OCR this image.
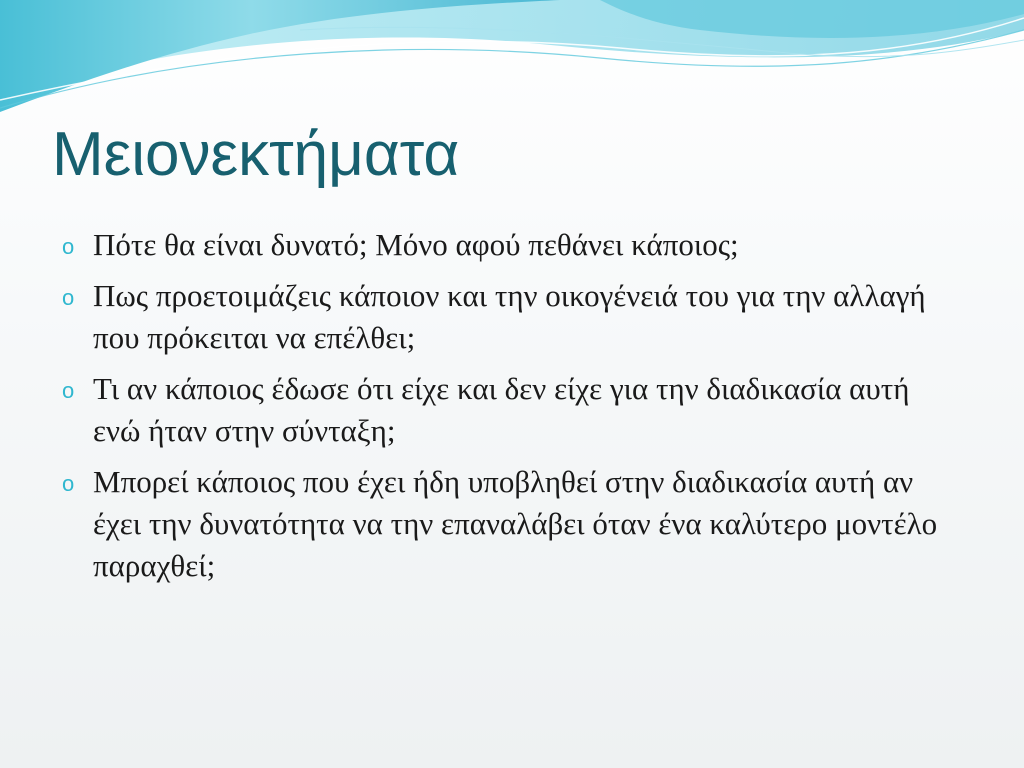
Μειονεκτήματα
o Πότε θα είναι δυνατό; Μόνο αφού πεθάνει κάποιος;
o Πως προετοιμάζεις κάποιον και την οικογένειά του για την αλλαγή που πρόκειται να επέλθει;
o Τι αν κάποιος έδωσε ότι είχε και δεν είχε για την διαδικασία αυτή ενώ ήταν στην σύνταξη;
o Μπορεί κάποιος που έχει ήδη υποβληθεί στην διαδικασία αυτή αν έχει την δυνατότητα να την επαναλάβει όταν ένα καλύτερο μοντέλο παραχθεί;
